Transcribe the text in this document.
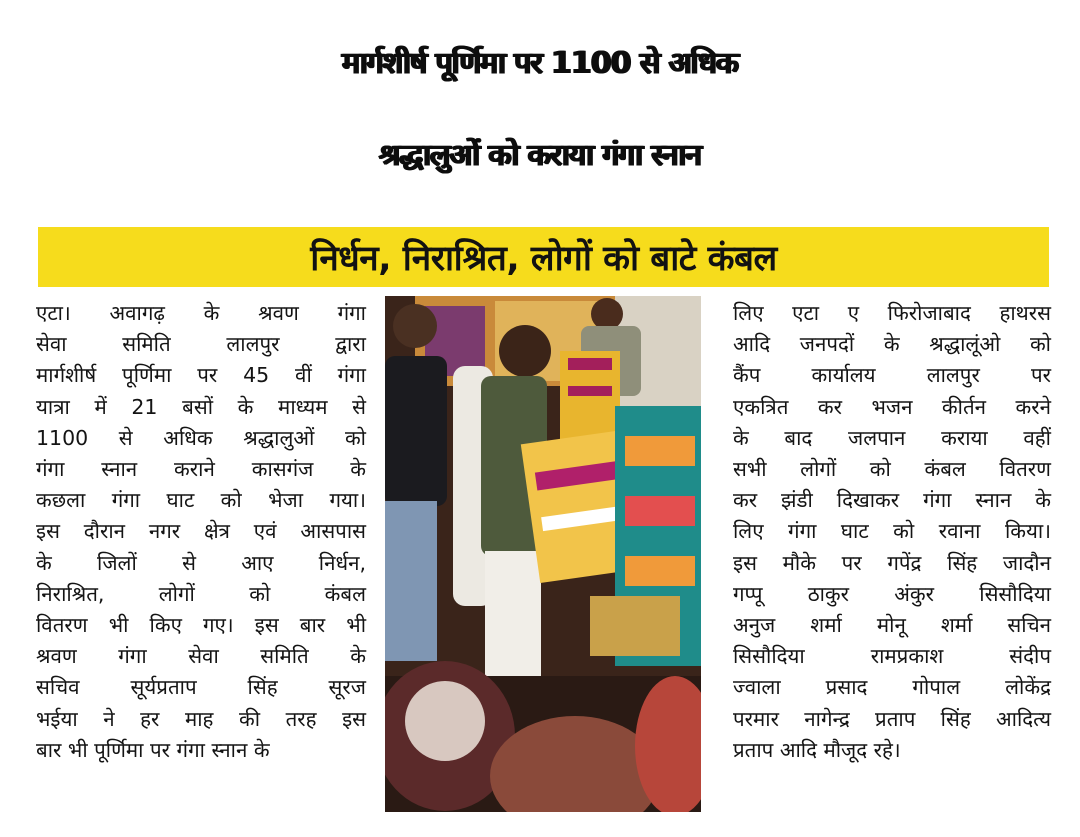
मार्गशीर्ष पूर्णिमा पर 1100 से अधिक
श्रद्धालुओं को कराया गंगा स्नान
निर्धन, निराश्रित, लोगों को बाटे कंबल
एटा। अवागढ़ के श्रवण गंगा
सेवा समिति लालपुर द्वारा
मार्गशीर्ष पूर्णिमा पर 45 वीं गंगा
यात्रा में 21 बसों के माध्यम से
1100 से अधिक श्रद्धालुओं को
गंगा स्नान कराने कासगंज के
कछला गंगा घाट को भेजा गया।
इस दौरान नगर क्षेत्र एवं आसपास
के जिलों से आए निर्धन,
निराश्रित, लोगों को कंबल
वितरण भी किए गए। इस बार भी
श्रवण गंगा सेवा समिति के
सचिव सूर्यप्रताप सिंह सूरज
भईया ने हर माह की तरह इस
बार भी पूर्णिमा पर गंगा स्नान के
लिए एटा ए फिरोजाबाद हाथरस
आदि जनपदों के श्रद्धालूंओ को
कैंप कार्यालय लालपुर पर
एकत्रित कर भजन कीर्तन करने
के बाद जलपान कराया वहीं
सभी लोगों को कंबल वितरण
कर झंडी दिखाकर गंगा स्नान के
लिए गंगा घाट को रवाना किया।
इस मौके पर गपेंद्र सिंह जादौन
गप्पू ठाकुर अंकुर सिसौदिया
अनुज शर्मा मोनू शर्मा सचिन
सिसौदिया रामप्रकाश संदीप
ज्वाला प्रसाद गोपाल लोकेंद्र
परमार नागेन्द्र प्रताप सिंह आदित्य
प्रताप आदि मौजूद रहे।
